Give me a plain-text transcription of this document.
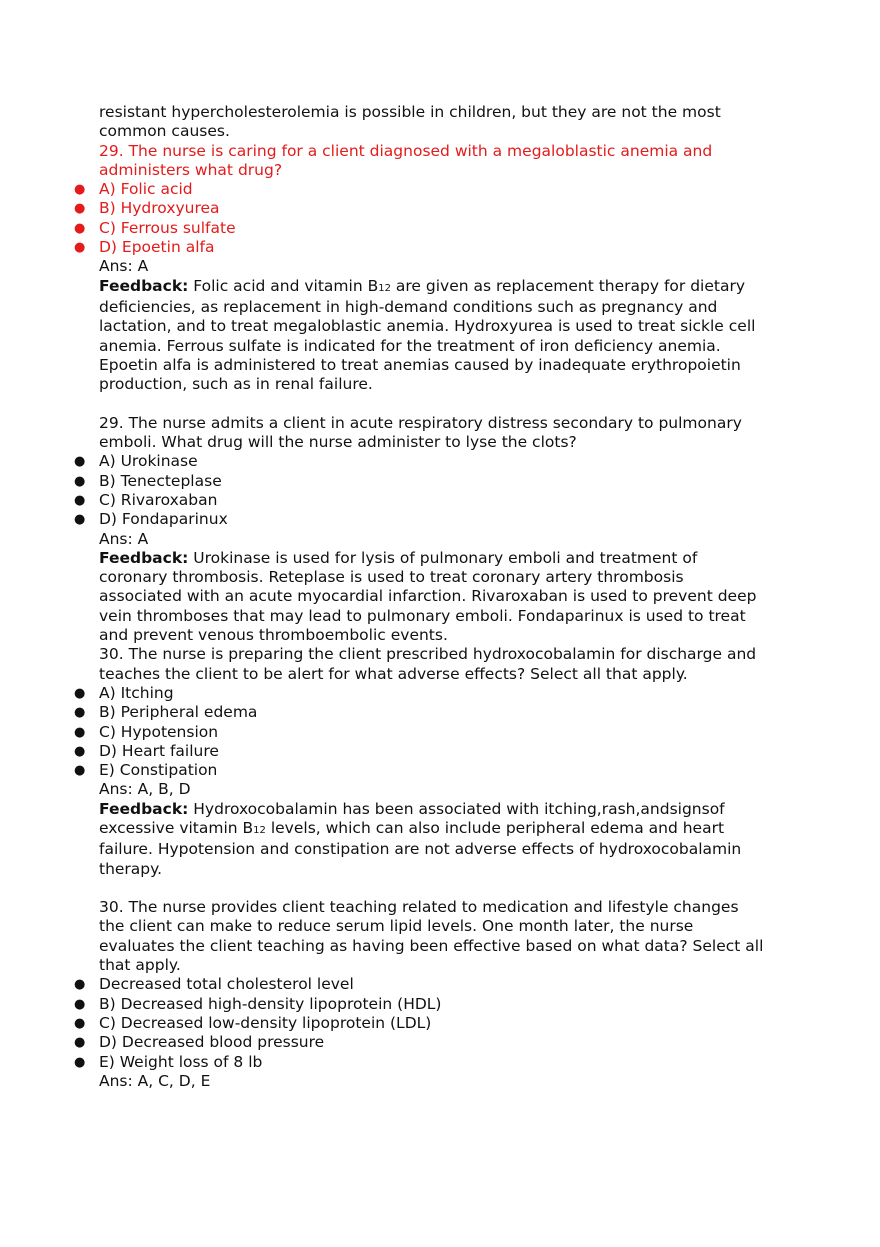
resistant hypercholesterolemia is possible in children, but they are not the most
common causes.
29. The nurse is caring for a client diagnosed with a megaloblastic anemia and
administers what drug?
● A) Folic acid
● B) Hydroxyurea
● C) Ferrous sulfate
● D) Epoetin alfa
Ans: A
Feedback: Folic acid and vitamin B12 are given as replacement therapy for dietary
deficiencies, as replacement in high-demand conditions such as pregnancy and
lactation, and to treat megaloblastic anemia. Hydroxyurea is used to treat sickle cell
anemia. Ferrous sulfate is indicated for the treatment of iron deficiency anemia.
Epoetin alfa is administered to treat anemias caused by inadequate erythropoietin
production, such as in renal failure.
29. The nurse admits a client in acute respiratory distress secondary to pulmonary
emboli. What drug will the nurse administer to lyse the clots?
● A) Urokinase
● B) Tenecteplase
● C) Rivaroxaban
● D) Fondaparinux
Ans: A
Feedback: Urokinase is used for lysis of pulmonary emboli and treatment of
coronary thrombosis. Reteplase is used to treat coronary artery thrombosis
associated with an acute myocardial infarction. Rivaroxaban is used to prevent deep
vein thromboses that may lead to pulmonary emboli. Fondaparinux is used to treat
and prevent venous thromboembolic events.
30. The nurse is preparing the client prescribed hydroxocobalamin for discharge and
teaches the client to be alert for what adverse effects? Select all that apply.
● A) Itching
● B) Peripheral edema
● C) Hypotension
● D) Heart failure
● E) Constipation
Ans: A, B, D
Feedback: Hydroxocobalamin has been associated with itching,rash,andsignsof
excessive vitamin B12 levels, which can also include peripheral edema and heart
failure. Hypotension and constipation are not adverse effects of hydroxocobalamin
therapy.
30. The nurse provides client teaching related to medication and lifestyle changes
the client can make to reduce serum lipid levels. One month later, the nurse
evaluates the client teaching as having been effective based on what data? Select all
that apply.
● Decreased total cholesterol level
● B) Decreased high-density lipoprotein (HDL)
● C) Decreased low-density lipoprotein (LDL)
● D) Decreased blood pressure
● E) Weight loss of 8 lb
Ans: A, C, D, E
